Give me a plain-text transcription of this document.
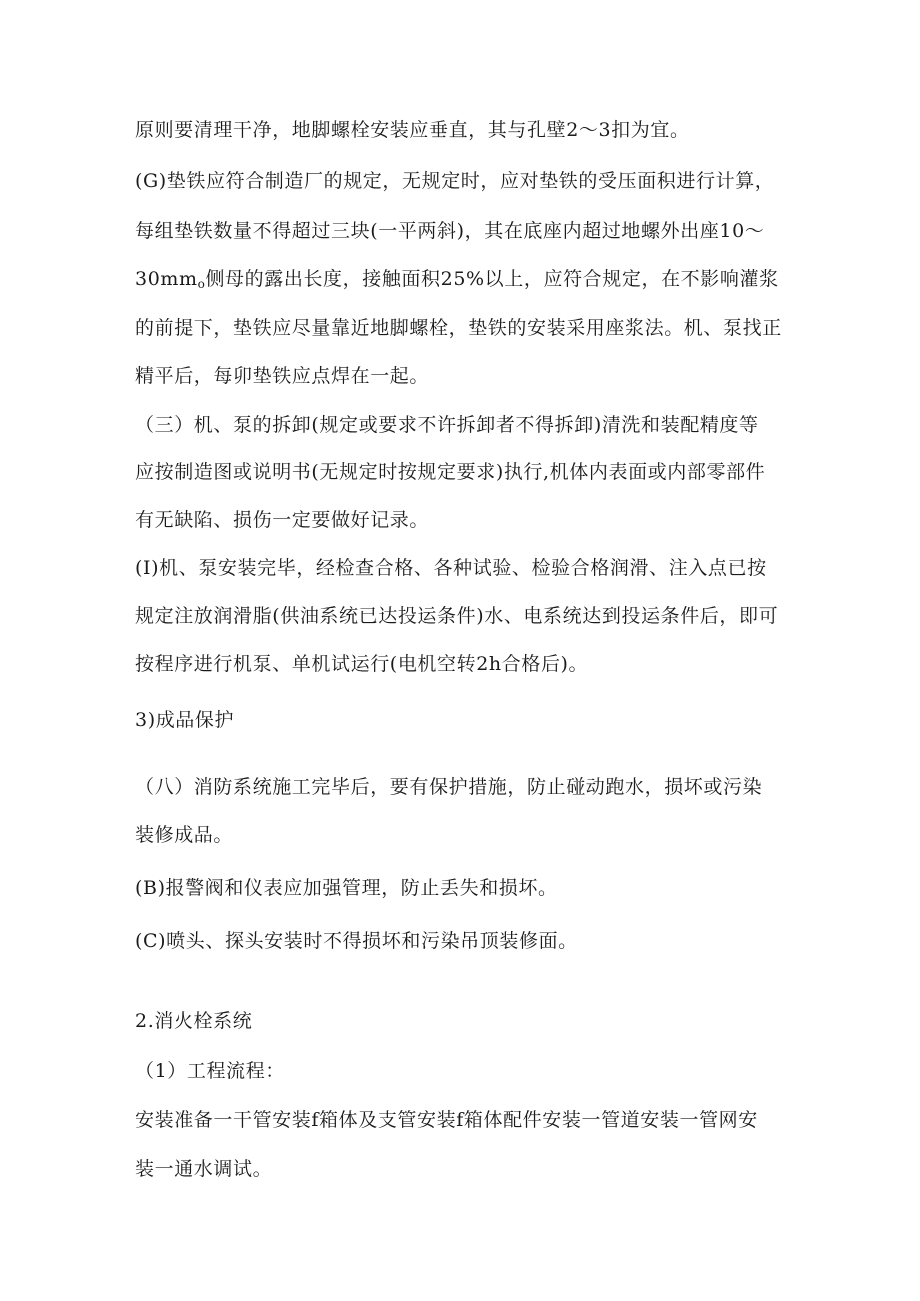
原则要清理干净，地脚螺栓安装应垂直，其与孔壁2～3扣为宜。
(G)垫铁应符合制造厂的规定，无规定时，应对垫铁的受压面积进行计算，
每组垫铁数量不得超过三块(一平两斜)，其在底座内超过地螺外出座10～
$30mm_o$侧母的露出长度，接触面积25%以上，应符合规定，在不影响灌浆
的前提下，垫铁应尽量靠近地脚螺栓，垫铁的安装采用座浆法。机、泵找正
精平后，每卯垫铁应点焊在一起。
（三）机、泵的拆卸(规定或要求不许拆卸者不得拆卸)清洗和装配精度等
应按制造图或说明书(无规定时按规定要求)执行,机体内表面或内部零部件
有无缺陷、损伤一定要做好记录。
(I)机、泵安装完毕，经检查合格、各种试验、检验合格润滑、注入点已按
规定注放润滑脂(供油系统已达投运条件)水、电系统达到投运条件后，即可
按程序进行机泵、单机试运行(电机空转2h合格后)。
3)成品保护
（八）消防系统施工完毕后，要有保护措施，防止碰动跑水，损坏或污染
装修成品。
(B)报警阀和仪表应加强管理，防止丢失和损坏。
(C)喷头、探头安装时不得损坏和污染吊顶装修面。
2.消火栓系统
（1）工程流程：
安装准备一干管安装f箱体及支管安装f箱体配件安装一管道安装一管网安
装一通水调试。
